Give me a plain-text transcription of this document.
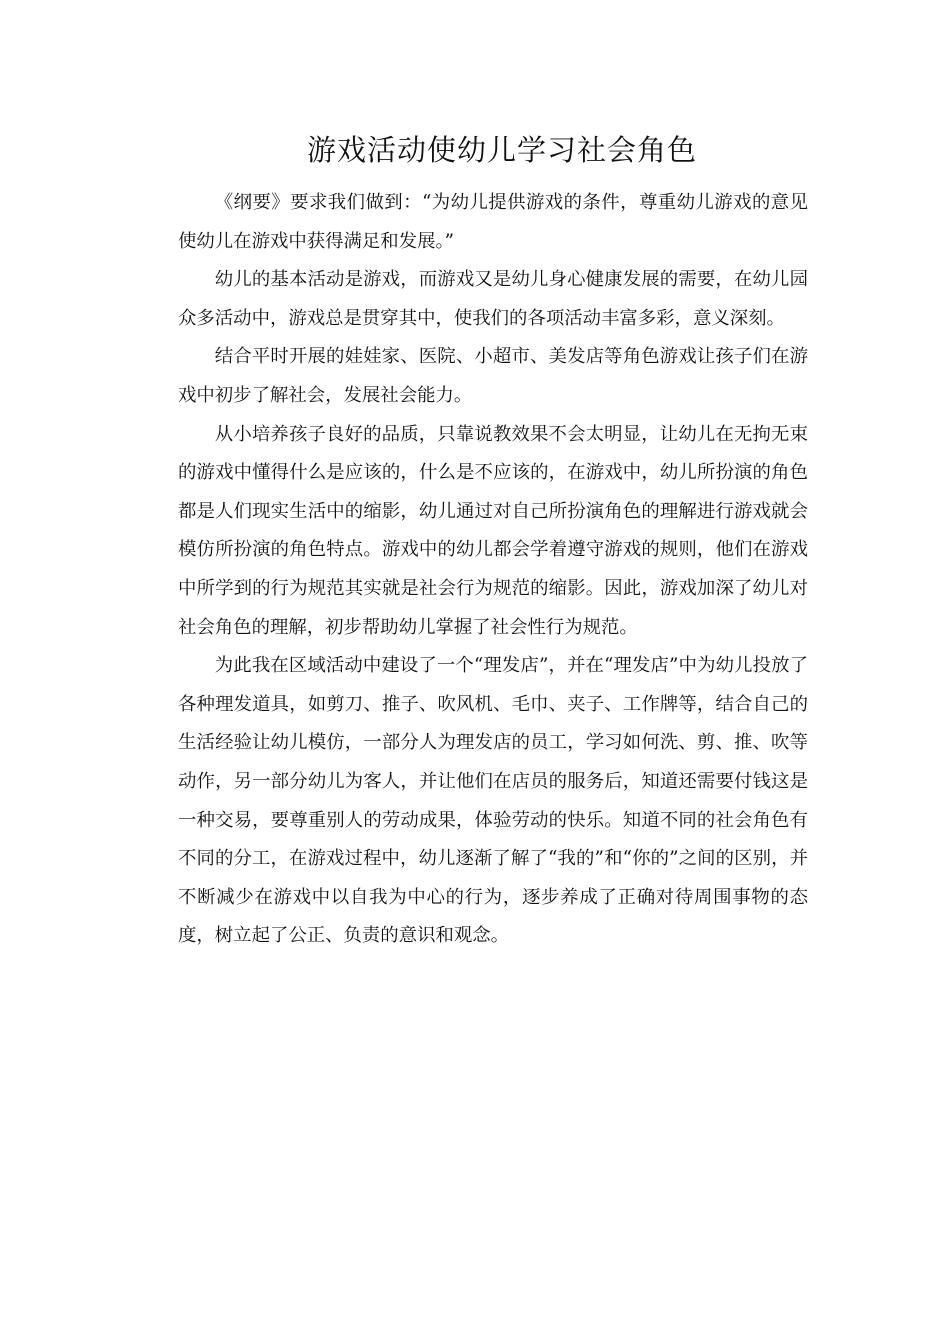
游戏活动使幼儿学习社会角色

《纲要》要求我们做到：“为幼儿提供游戏的条件，尊重幼儿游戏的意见使幼儿在游戏中获得满足和发展。”

幼儿的基本活动是游戏，而游戏又是幼儿身心健康发展的需要，在幼儿园众多活动中，游戏总是贯穿其中，使我们的各项活动丰富多彩，意义深刻。

结合平时开展的娃娃家、医院、小超市、美发店等角色游戏让孩子们在游戏中初步了解社会，发展社会能力。

从小培养孩子良好的品质，只靠说教效果不会太明显，让幼儿在无拘无束的游戏中懂得什么是应该的，什么是不应该的，在游戏中，幼儿所扮演的角色都是人们现实生活中的缩影，幼儿通过对自己所扮演角色的理解进行游戏就会模仿所扮演的角色特点。游戏中的幼儿都会学着遵守游戏的规则，他们在游戏中所学到的行为规范其实就是社会行为规范的缩影。因此，游戏加深了幼儿对社会角色的理解，初步帮助幼儿掌握了社会性行为规范。

为此我在区域活动中建设了一个“理发店”，并在“理发店”中为幼儿投放了各种理发道具，如剪刀、推子、吹风机、毛巾、夹子、工作牌等，结合自己的生活经验让幼儿模仿，一部分人为理发店的员工，学习如何洗、剪、推、吹等动作，另一部分幼儿为客人，并让他们在店员的服务后，知道还需要付钱这是一种交易，要尊重别人的劳动成果，体验劳动的快乐。知道不同的社会角色有不同的分工，在游戏过程中，幼儿逐渐了解了“我的”和“你的”之间的区别，并不断减少在游戏中以自我为中心的行为，逐步养成了正确对待周围事物的态度，树立起了公正、负责的意识和观念。
